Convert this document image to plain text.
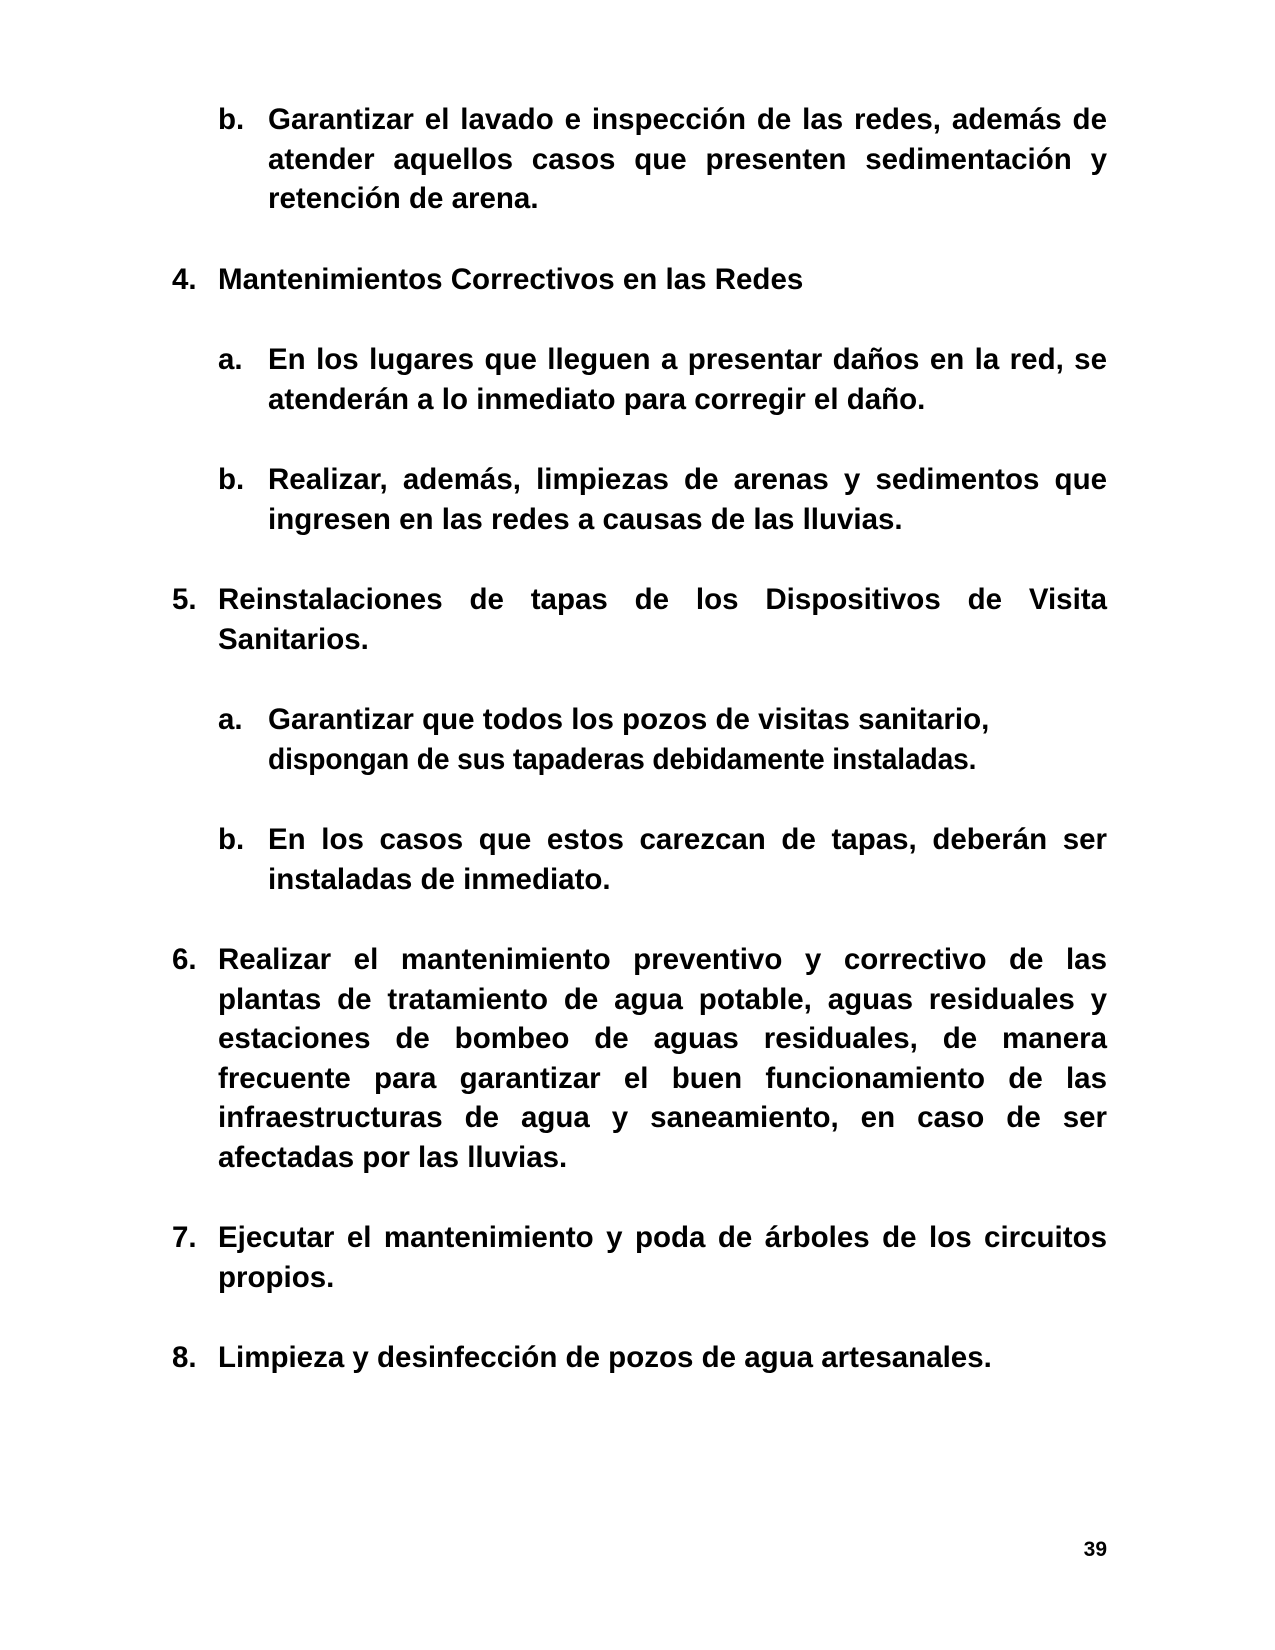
b. Garantizar el lavado e inspección de las redes, además de atender aquellos casos que presenten sedimentación y retención de arena.
4. Mantenimientos Correctivos en las Redes
a. En los lugares que lleguen a presentar daños en la red, se atenderán a lo inmediato para corregir el daño.
b. Realizar, además, limpiezas de arenas y sedimentos que ingresen en las redes a causas de las lluvias.
5. Reinstalaciones de tapas de los Dispositivos de Visita Sanitarios.
a. Garantizar que todos los pozos de visitas sanitario,
dispongan de sus tapaderas debidamente instaladas.
b. En los casos que estos carezcan de tapas, deberán ser instaladas de inmediato.
6. Realizar el mantenimiento preventivo y correctivo de las plantas de tratamiento de agua potable, aguas residuales y estaciones de bombeo de aguas residuales, de manera frecuente para garantizar el buen funcionamiento de las infraestructuras de agua y saneamiento, en caso de ser afectadas por las lluvias.
7. Ejecutar el mantenimiento y poda de árboles de los circuitos propios.
8. Limpieza y desinfección de pozos de agua artesanales.
39
